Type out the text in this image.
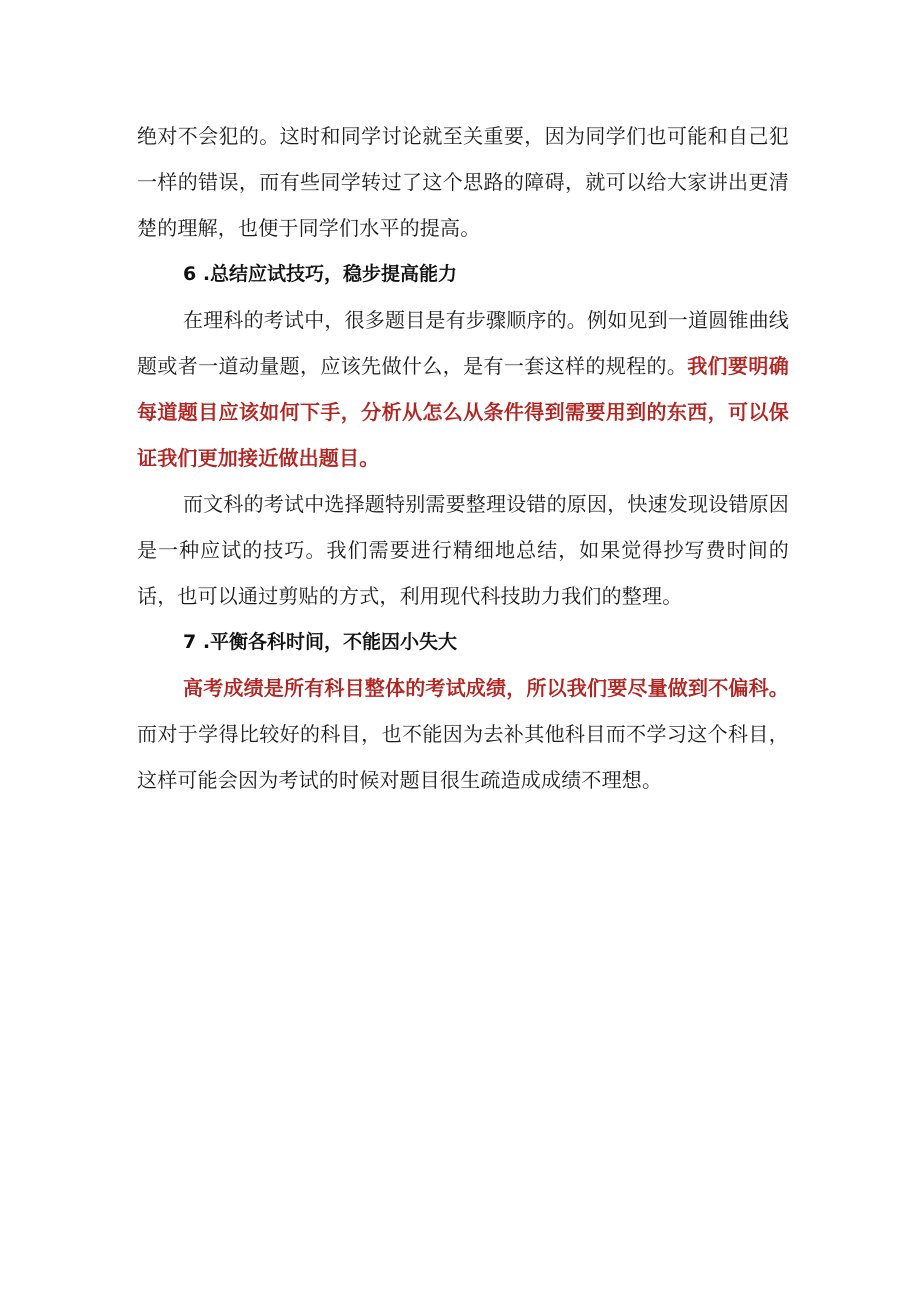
绝对不会犯的。这时和同学讨论就至关重要，因为同学们也可能和自己犯一样的错误，而有些同学转过了这个思路的障碍，就可以给大家讲出更清楚的理解，也便于同学们水平的提高。

6 .总结应试技巧，稳步提高能力

在理科的考试中，很多题目是有步骤顺序的。例如见到一道圆锥曲线题或者一道动量题，应该先做什么，是有一套这样的规程的。我们要明确每道题目应该如何下手，分析从怎么从条件得到需要用到的东西，可以保证我们更加接近做出题目。

而文科的考试中选择题特别需要整理设错的原因，快速发现设错原因是一种应试的技巧。我们需要进行精细地总结，如果觉得抄写费时间的话，也可以通过剪贴的方式，利用现代科技助力我们的整理。

7 .平衡各科时间，不能因小失大

高考成绩是所有科目整体的考试成绩，所以我们要尽量做到不偏科。而对于学得比较好的科目，也不能因为去补其他科目而不学习这个科目，这样可能会因为考试的时候对题目很生疏造成成绩不理想。
